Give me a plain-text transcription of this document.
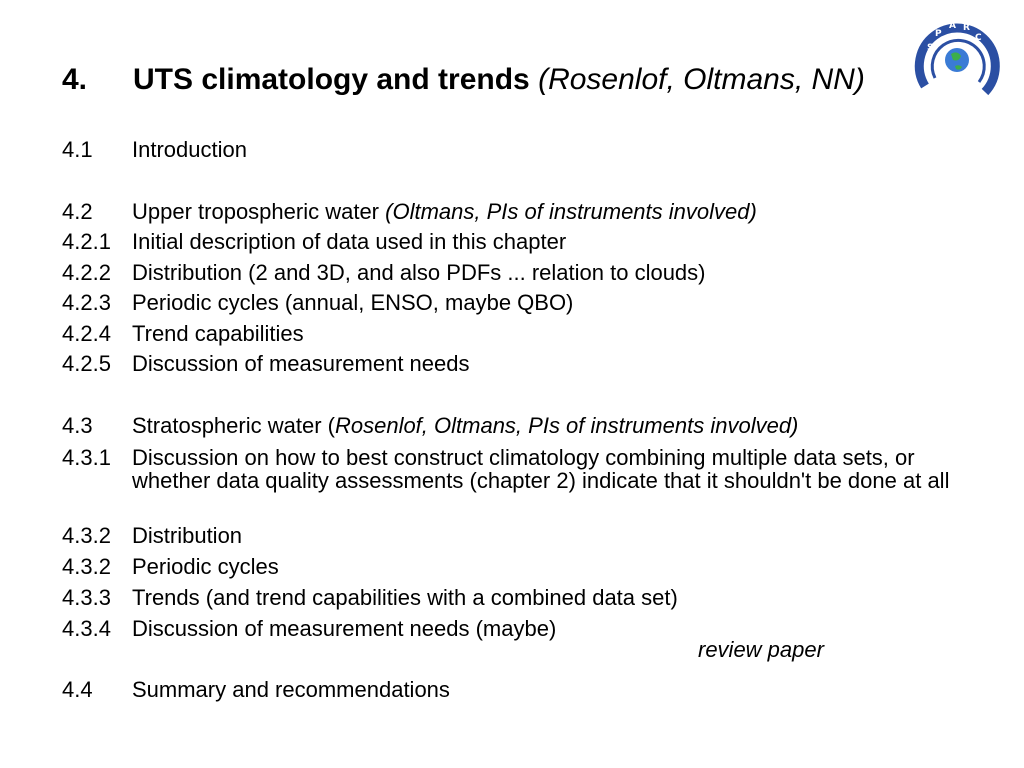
4. UTS climatology and trends (Rosenlof, Oltmans, NN)
S
P
A R
C
4.1 Introduction
4.2 Upper tropospheric water (Oltmans, PIs of instruments involved)
4.2.1 Initial description of data used in this chapter
4.2.2 Distribution (2 and 3D, and also PDFs ... relation to clouds)
4.2.3 Periodic cycles (annual, ENSO, maybe QBO)
4.2.4 Trend capabilities
4.2.5 Discussion of measurement needs
4.3 Stratospheric water (Rosenlof, Oltmans, PIs of instruments involved)
4.3.1 Discussion on how to best construct climatology combining multiple data sets, or whether data quality assessments (chapter 2) indicate that it shouldn't be done at all
4.3.2 Distribution
4.3.2 Periodic cycles
4.3.3 Trends (and trend capabilities with a combined data set)
4.3.4 Discussion of measurement needs (maybe)
4.4 Summary and recommendations
review paper
